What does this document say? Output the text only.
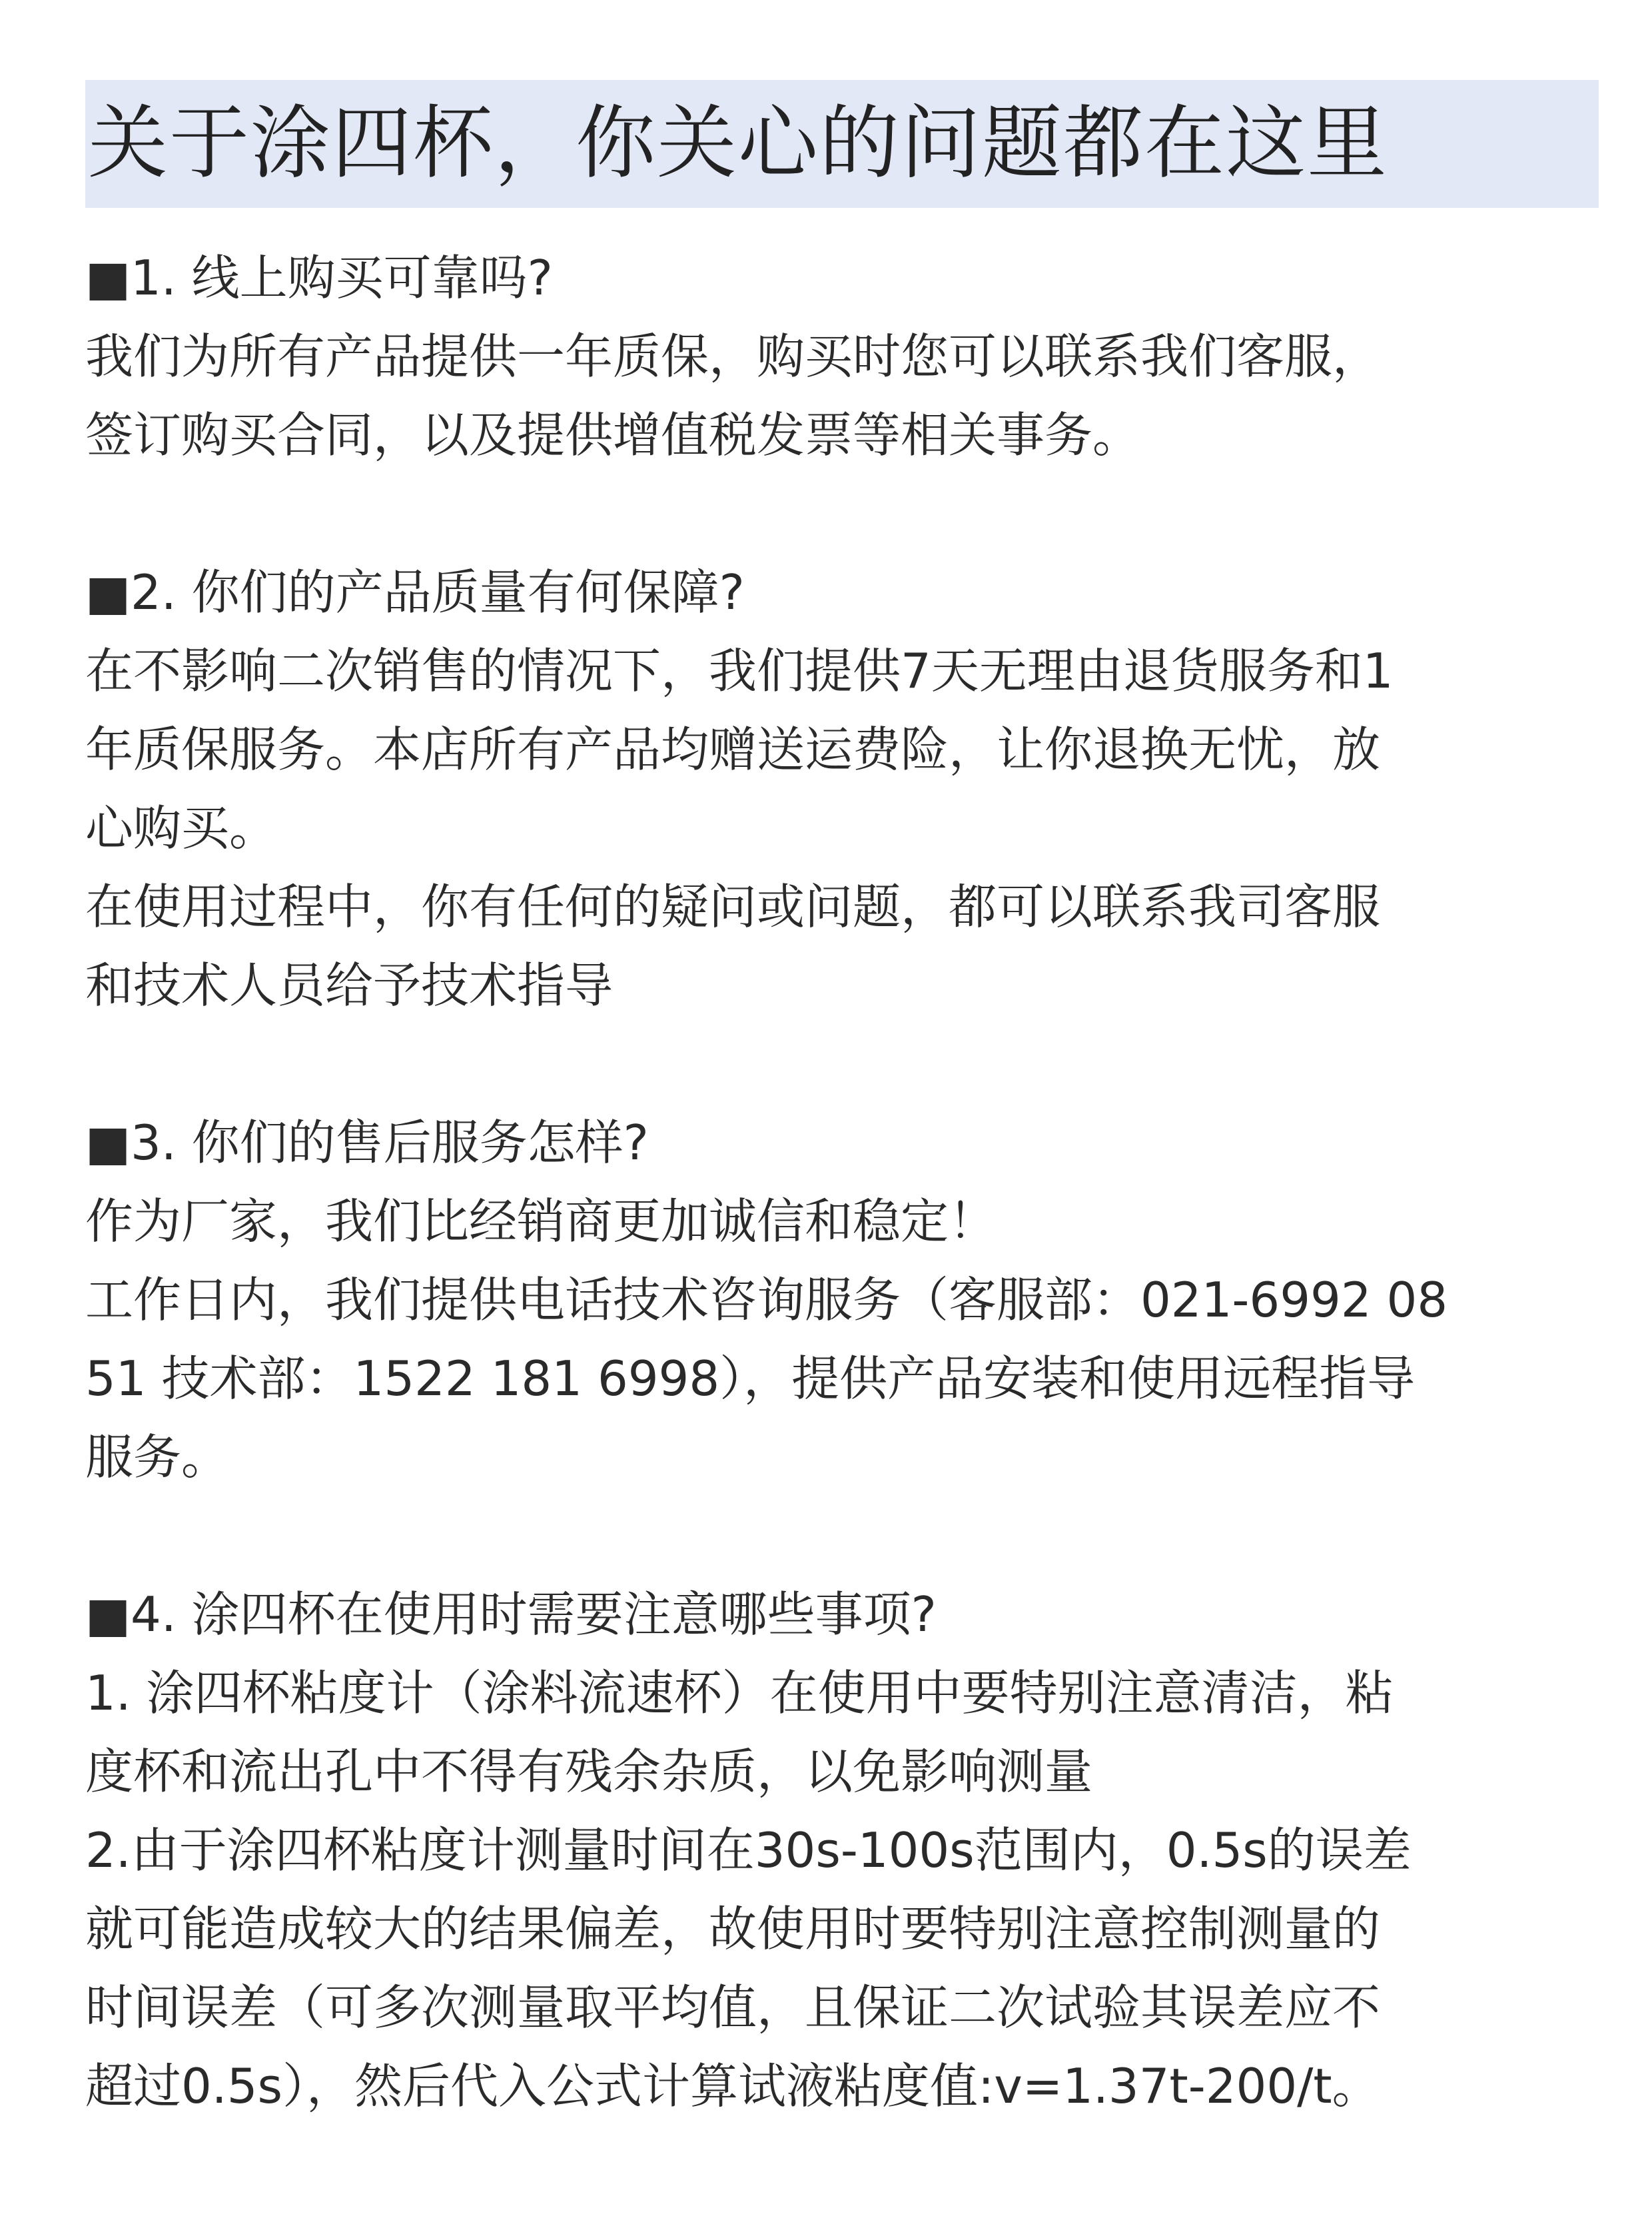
关于涂四杯，你关心的问题都在这里

■1. 线上购买可靠吗?

我们为所有产品提供一年质保，购买时您可以联系我们客服，
签订购买合同，以及提供增值税发票等相关事务。

■2. 你们的产品质量有何保障?

在不影响二次销售的情况下，我们提供7天无理由退货服务和1
年质保服务。本店所有产品均赠送运费险，让你退换无忧，放
心购买。

在使用过程中，你有任何的疑问或问题，都可以联系我司客服
和技术人员给予技术指导

■3. 你们的售后服务怎样?

作为厂家，我们比经销商更加诚信和稳定！

工作日内，我们提供电话技术咨询服务（客服部：021-6992 08
51 技术部：1522 181 6998），提供产品安装和使用远程指导
服务。

■4. 涂四杯在使用时需要注意哪些事项?

1. 涂四杯粘度计（涂料流速杯）在使用中要特别注意清洁，粘
度杯和流出孔中不得有残余杂质，以免影响测量

2.由于涂四杯粘度计测量时间在30s-100s范围内，0.5s的误差
就可能造成较大的结果偏差，故使用时要特别注意控制测量的
时间误差（可多次测量取平均值，且保证二次试验其误差应不
超过0.5s），然后代入公式计算试液粘度值:v=1.37t-200/t。
